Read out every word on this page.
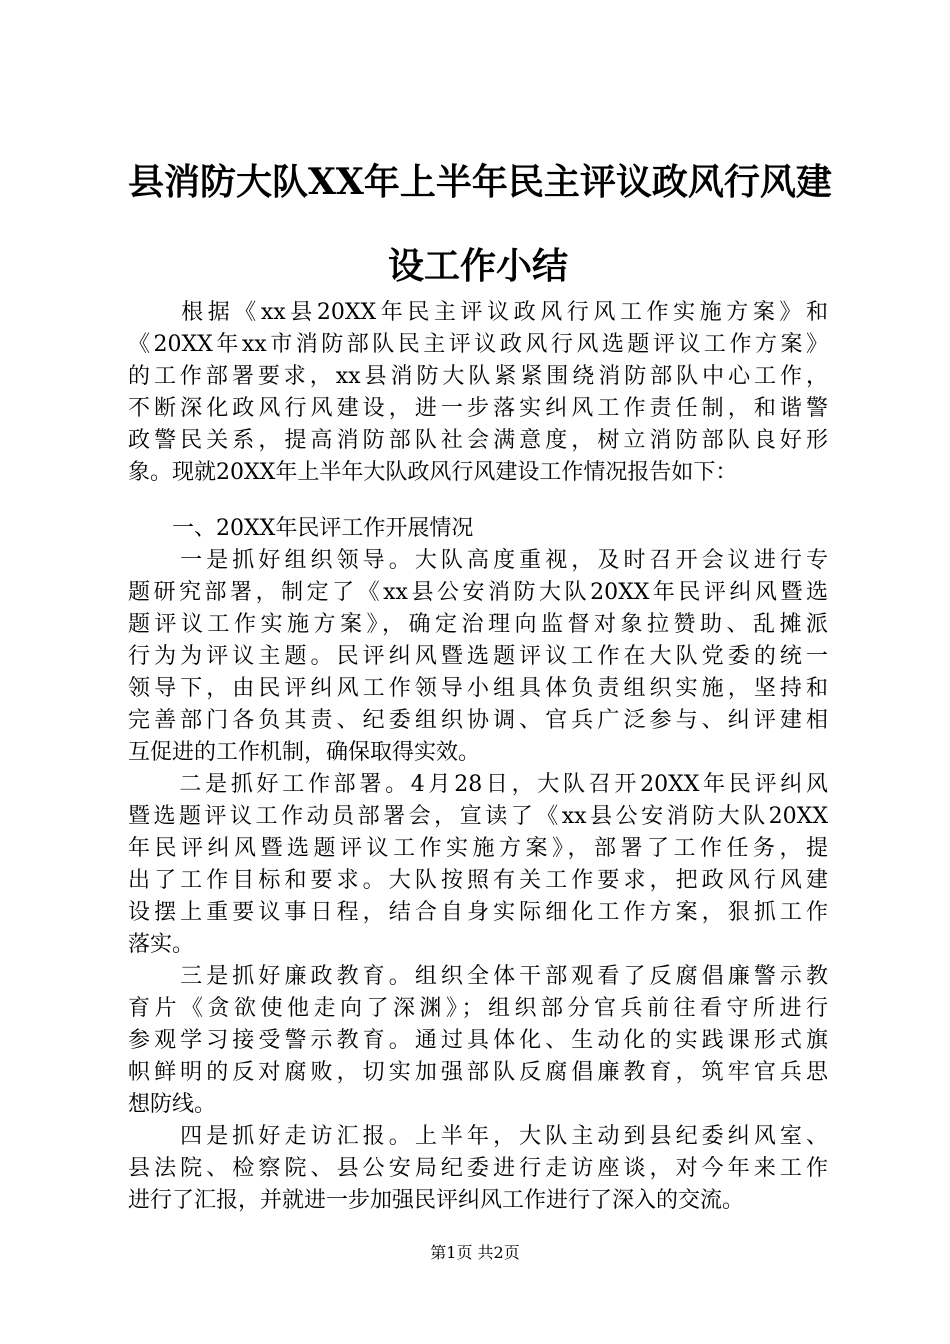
县消防大队XX年上半年民主评议政风行风建
设工作小结
　　根据《xx县20XX年民主评议政风行风工作实施方案》和
《20XX年xx市消防部队民主评议政风行风选题评议工作方案》
的工作部署要求，xx县消防大队紧紧围绕消防部队中心工作，
不断深化政风行风建设，进一步落实纠风工作责任制，和谐警
政警民关系，提高消防部队社会满意度，树立消防部队良好形
象。现就20XX年上半年大队政风行风建设工作情况报告如下：
　　一、20XX年民评工作开展情况
　　一是抓好组织领导。大队高度重视，及时召开会议进行专
题研究部署，制定了《xx县公安消防大队20XX年民评纠风暨选
题评议工作实施方案》，确定治理向监督对象拉赞助、乱摊派
行为为评议主题。民评纠风暨选题评议工作在大队党委的统一
领导下，由民评纠风工作领导小组具体负责组织实施，坚持和
完善部门各负其责、纪委组织协调、官兵广泛参与、纠评建相
互促进的工作机制，确保取得实效。
　　二是抓好工作部署。4月28日，大队召开20XX年民评纠风
暨选题评议工作动员部署会，宣读了《xx县公安消防大队20XX
年民评纠风暨选题评议工作实施方案》，部署了工作任务，提
出了工作目标和要求。大队按照有关工作要求，把政风行风建
设摆上重要议事日程，结合自身实际细化工作方案，狠抓工作
落实。
　　三是抓好廉政教育。组织全体干部观看了反腐倡廉警示教
育片《贪欲使他走向了深渊》；组织部分官兵前往看守所进行
参观学习接受警示教育。通过具体化、生动化的实践课形式旗
帜鲜明的反对腐败，切实加强部队反腐倡廉教育，筑牢官兵思
想防线。
　　四是抓好走访汇报。上半年，大队主动到县纪委纠风室、
县法院、检察院、县公安局纪委进行走访座谈，对今年来工作
进行了汇报，并就进一步加强民评纠风工作进行了深入的交流。
第1页 共2页
